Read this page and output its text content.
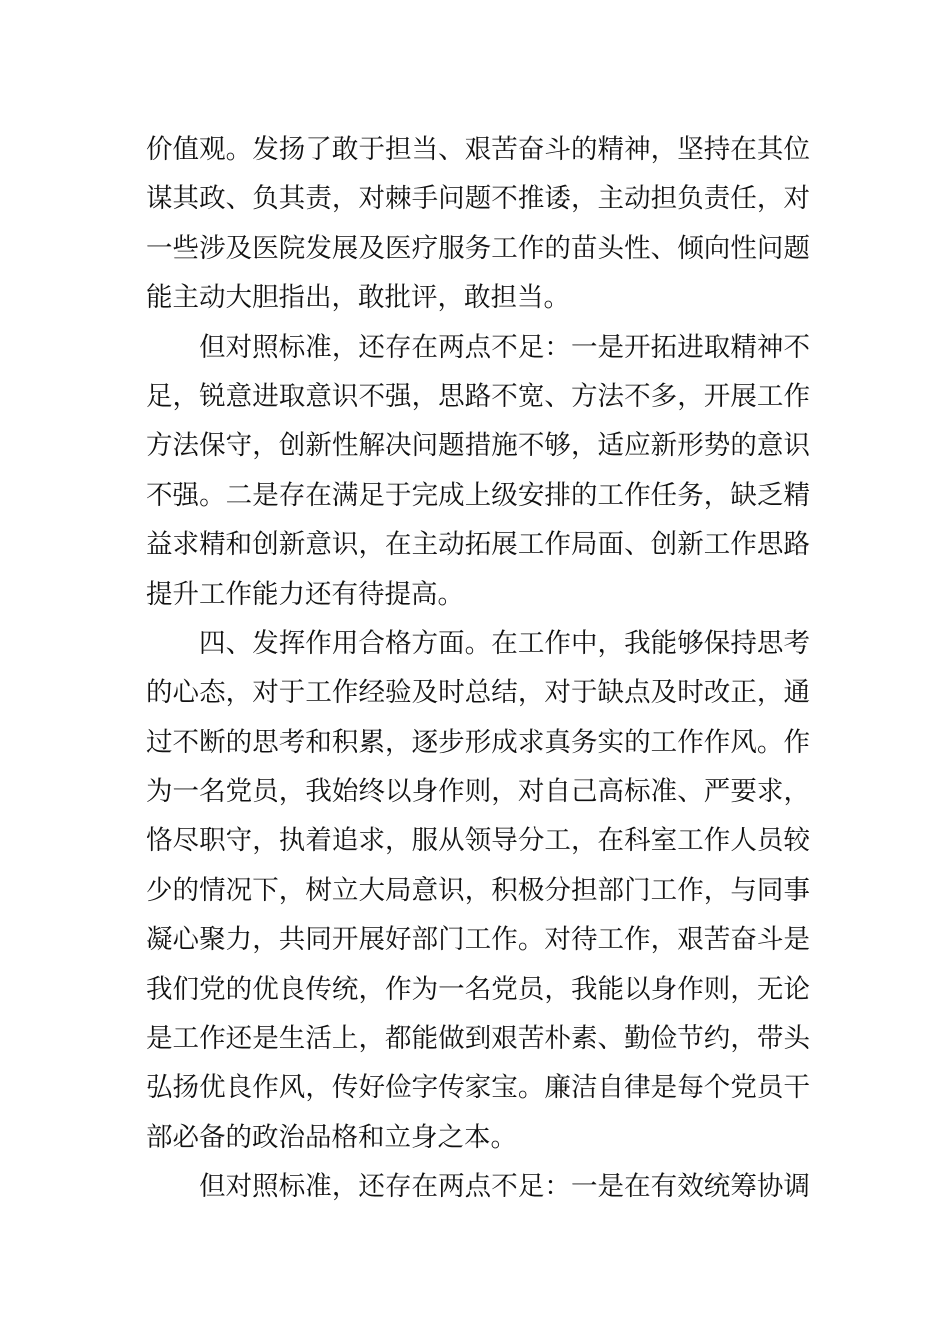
价值观。发扬了敢于担当、艰苦奋斗的精神，坚持在其位
谋其政、负其责，对棘手问题不推诿，主动担负责任，对
一些涉及医院发展及医疗服务工作的苗头性、倾向性问题
能主动大胆指出，敢批评，敢担当。
但对照标准，还存在两点不足：一是开拓进取精神不
足，锐意进取意识不强，思路不宽、方法不多，开展工作
方法保守，创新性解决问题措施不够，适应新形势的意识
不强。二是存在满足于完成上级安排的工作任务，缺乏精
益求精和创新意识，在主动拓展工作局面、创新工作思路
提升工作能力还有待提高。
四、发挥作用合格方面。在工作中，我能够保持思考
的心态，对于工作经验及时总结，对于缺点及时改正，通
过不断的思考和积累，逐步形成求真务实的工作作风。作
为一名党员，我始终以身作则，对自己高标准、严要求，
恪尽职守，执着追求，服从领导分工，在科室工作人员较
少的情况下，树立大局意识，积极分担部门工作，与同事
凝心聚力，共同开展好部门工作。对待工作，艰苦奋斗是
我们党的优良传统，作为一名党员，我能以身作则，无论
是工作还是生活上，都能做到艰苦朴素、勤俭节约，带头
弘扬优良作风，传好俭字传家宝。廉洁自律是每个党员干
部必备的政治品格和立身之本。
但对照标准，还存在两点不足：一是在有效统筹协调
